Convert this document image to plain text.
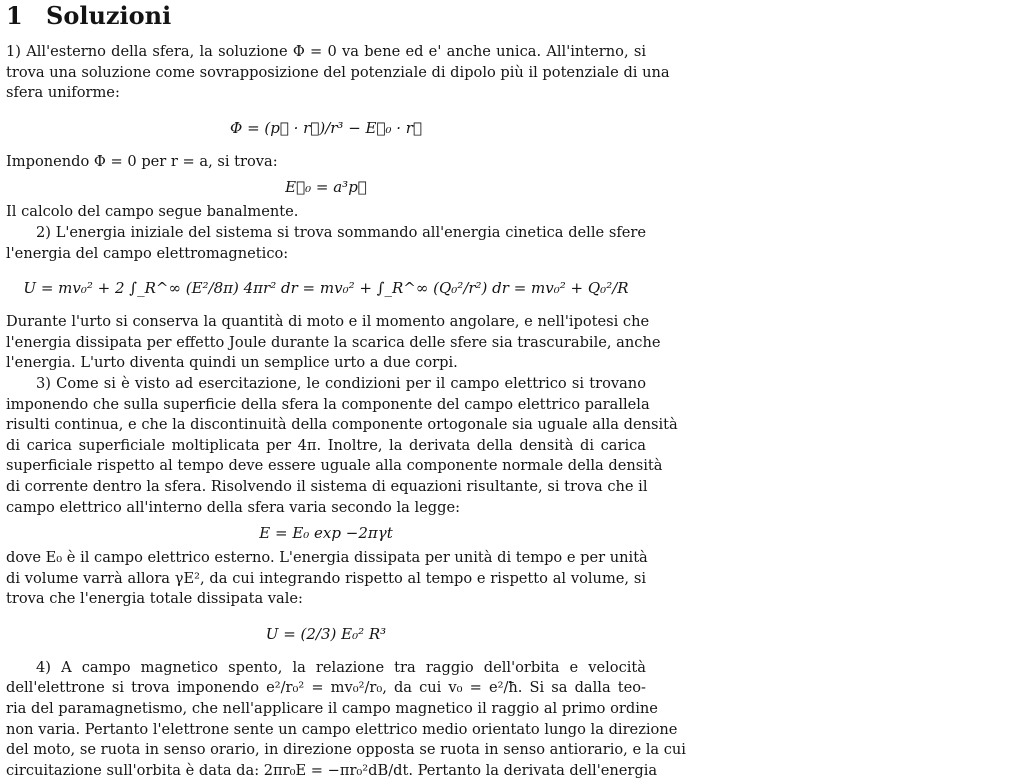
1 Soluzioni
1) All'esterno della sfera, la soluzione Φ = 0 va bene ed e' anche unica. All'interno, si
trova una soluzione come sovrapposizione del potenziale di dipolo più il potenziale di una
sfera uniforme:
Φ = (p⃗ · r⃗)/r³ − E⃗₀ · r⃗
Imponendo Φ = 0 per r = a, si trova:
E⃗₀ = a³p⃗
Il calcolo del campo segue banalmente.
2) L'energia iniziale del sistema si trova sommando all'energia cinetica delle sfere
l'energia del campo elettromagnetico:
U = mv₀² + 2 ∫_R^∞ (E²/8π) 4πr² dr = mv₀² + ∫_R^∞ (Q₀²/r²) dr = mv₀² + Q₀²/R
Durante l'urto si conserva la quantità di moto e il momento angolare, e nell'ipotesi che
l'energia dissipata per effetto Joule durante la scarica delle sfere sia trascurabile, anche
l'energia. L'urto diventa quindi un semplice urto a due corpi.
3) Come si è visto ad esercitazione, le condizioni per il campo elettrico si trovano
imponendo che sulla superficie della sfera la componente del campo elettrico parallela
risulti continua, e che la discontinuità della componente ortogonale sia uguale alla densità
di carica superficiale moltiplicata per 4π. Inoltre, la derivata della densità di carica
superficiale rispetto al tempo deve essere uguale alla componente normale della densità
di corrente dentro la sfera. Risolvendo il sistema di equazioni risultante, si trova che il
campo elettrico all'interno della sfera varia secondo la legge:
E = E₀ exp −2πγt
dove E₀ è il campo elettrico esterno. L'energia dissipata per unità di tempo e per unità
di volume varrà allora γE², da cui integrando rispetto al tempo e rispetto al volume, si
trova che l'energia totale dissipata vale:
U = (2/3) E₀² R³
4) A campo magnetico spento, la relazione tra raggio dell'orbita e velocità
dell'elettrone si trova imponendo e²/r₀² = mv₀²/r₀, da cui v₀ = e²/ħ. Si sa dalla teo-
ria del paramagnetismo, che nell'applicare il campo magnetico il raggio al primo ordine
non varia. Pertanto l'elettrone sente un campo elettrico medio orientato lungo la direzione
del moto, se ruota in senso orario, in direzione opposta se ruota in senso antiorario, e la cui
circuitazione sull'orbita è data da: 2πr₀E = −πr₀²dB/dt. Pertanto la derivata dell'energia
